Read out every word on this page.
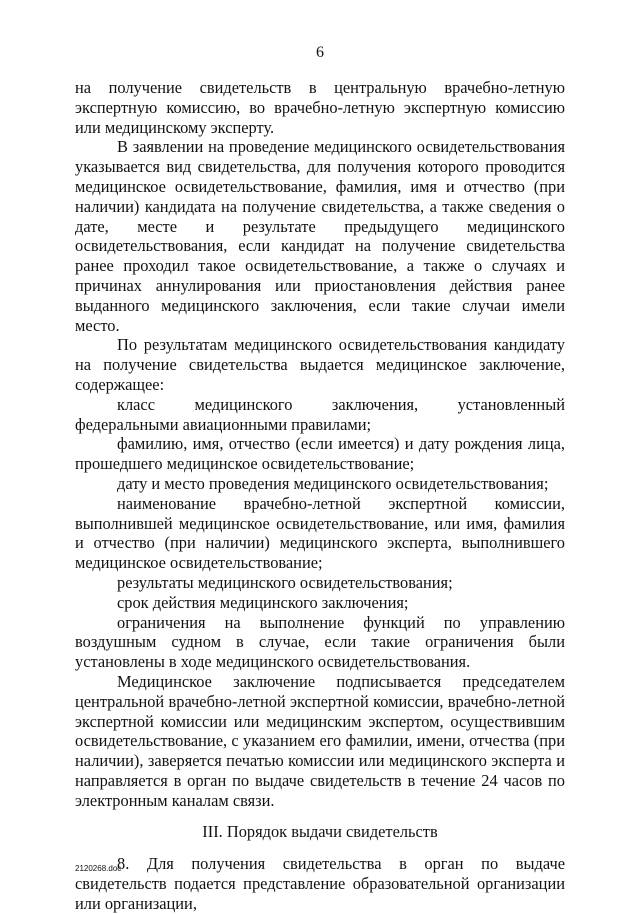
6

на получение свидетельств в центральную врачебно-летную экспертную комиссию, во врачебно-летную экспертную комиссию или медицинскому эксперту.

В заявлении на проведение медицинского освидетельствования указывается вид свидетельства, для получения которого проводится медицинское освидетельствование, фамилия, имя и отчество (при наличии) кандидата на получение свидетельства, а также сведения о дате, месте и результате предыдущего медицинского освидетельствования, если кандидат на получение свидетельства ранее проходил такое освидетельствование, а также о случаях и причинах аннулирования или приостановления действия ранее выданного медицинского заключения, если такие случаи имели место.

По результатам медицинского освидетельствования кандидату на получение свидетельства выдается медицинское заключение, содержащее:

класс медицинского заключения, установленный федеральными авиационными правилами;

фамилию, имя, отчество (если имеется) и дату рождения лица, прошедшего медицинское освидетельствование;

дату и место проведения медицинского освидетельствования;

наименование врачебно-летной экспертной комиссии, выполнившей медицинское освидетельствование, или имя, фамилия и отчество (при наличии) медицинского эксперта, выполнившего медицинское освидетельствование;

результаты медицинского освидетельствования;

срок действия медицинского заключения;

ограничения на выполнение функций по управлению воздушным судном в случае, если такие ограничения были установлены в ходе медицинского освидетельствования.

Медицинское заключение подписывается председателем центральной врачебно-летной экспертной комиссии, врачебно-летной экспертной комиссии или медицинским экспертом, осуществившим освидетельствование, с указанием его фамилии, имени, отчества (при наличии), заверяется печатью комиссии или медицинского эксперта и направляется в орган по выдаче свидетельств в течение 24 часов по электронным каналам связи.

III. Порядок выдачи свидетельств

8. Для получения свидетельства в орган по выдаче свидетельств подается представление образовательной организации или организации,

2120268.doc
